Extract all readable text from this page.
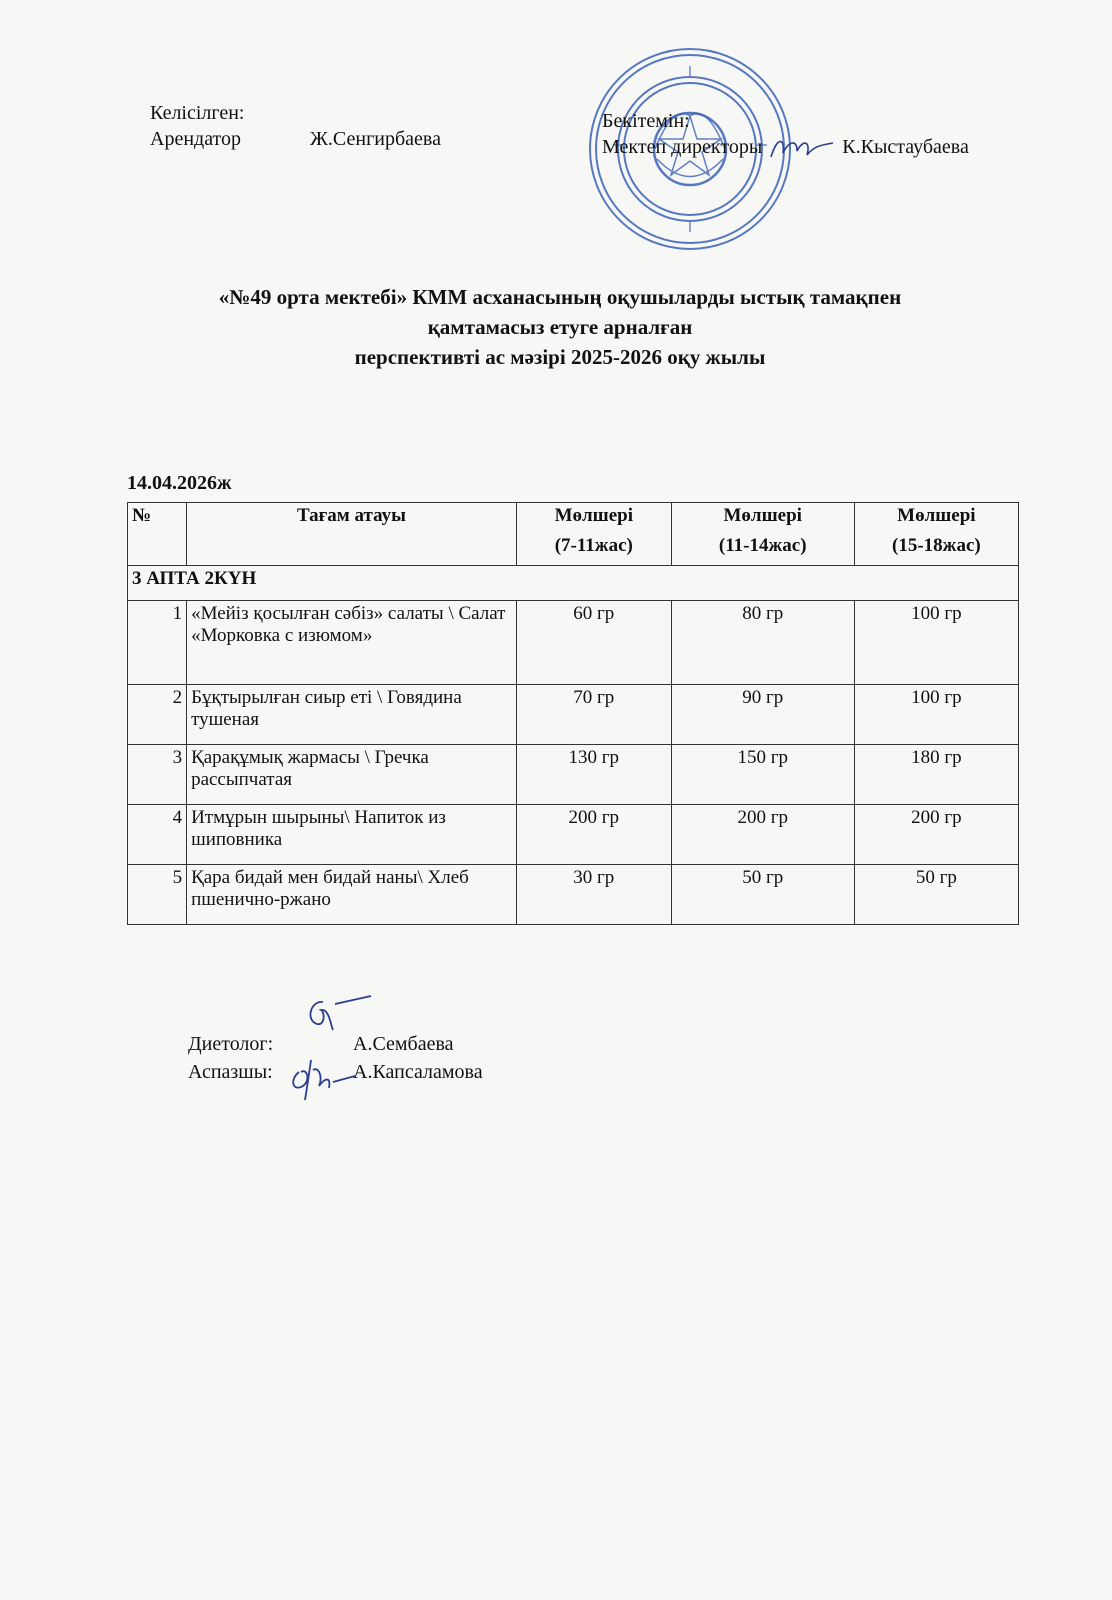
Келісілген:
Арендатор	Ж.Сенгирбаева
Бекітемін:
Мектеп директоры	К.Кыстаубаева
«№49 орта мектебі» КММ асханасының оқушыларды ыстық тамақпен
қамтамасыз етуге арналған
перспективті ас мәзірі 2025-2026 оқу жылы
14.04.2026ж
№	Тағам атауы	Мөлшері	Мөлшері	Мөлшері
		(7-11жас)	(11-14жас)	(15-18жас)
3 АПТА 2КҮН				
1	«Мейіз қосылған сәбіз» салаты \ Салат «Морковка с изюмом»	60 гр	80 гр	100 гр
2	Бұқтырылған сиыр еті \ Говядина тушеная	70 гр	90 гр	100 гр
3	Қарақұмық жармасы \ Гречка рассыпчатая	130 гр	150 гр	180 гр
4	Итмұрын шырыны\ Напиток из шиповника	200 гр	200 гр	200 гр
5	Қара бидай мен бидай наны\ Хлеб пшенично-ржано	30 гр	50 гр	50 гр
Диетолог:	А.Сембаева
Аспазшы:	А.Капсаламова
